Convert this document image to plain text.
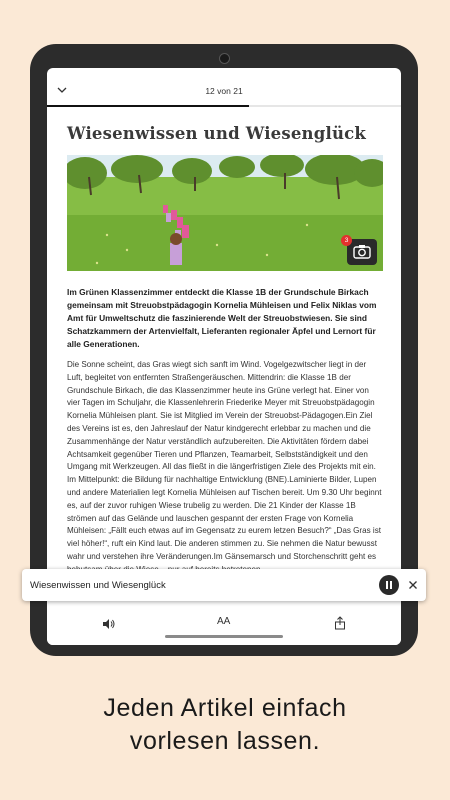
12 von 21
Wiesenwissen und Wiesenglück
3

Im Grünen Klassenzimmer entdeckt die Klasse 1B der Grundschule Birkach gemeinsam mit Streuobstpädagogin Kornelia Mühleisen und Felix Niklas vom Amt für Umweltschutz die faszinierende Welt der Streuobstwiesen. Sie sind Schatzkammern der Artenvielfalt, Lieferanten regionaler Äpfel und Lernort für alle Generationen.

Die Sonne scheint, das Gras wiegt sich sanft im Wind. Vogelgezwitscher liegt in der Luft, begleitet von entfernten Straßengeräuschen. Mittendrin: die Klasse 1B der Grundschule Birkach, die das Klassenzimmer heute ins Grüne verlegt hat. Einer von vier Tagen im Schuljahr, die Klassenlehrerin Friederike Meyer mit Streuobstpädagogin Kornelia Mühleisen plant. Sie ist Mitglied im Verein der Streuobst-Pädagogen.Ein Ziel des Vereins ist es, den Jahreslauf der Natur kindgerecht erlebbar zu machen und die Zusammenhänge der Natur verständlich aufzubereiten. Die Aktivitäten fördern dabei Achtsamkeit gegenüber Tieren und Pflanzen, Teamarbeit, Selbstständigkeit und den Umgang mit Werkzeugen. All das fließt in die längerfristigen Ziele des Projekts mit ein. Im Mittelpunkt: die Bildung für nachhaltige Entwicklung (BNE).Laminierte Bilder, Lupen und andere Materialien legt Kornelia Mühleisen auf Tischen bereit. Um 9.30 Uhr beginnt es, auf der zuvor ruhigen Wiese trubelig zu werden. Die 21 Kinder der Klasse 1B strömen auf das Gelände und lauschen gespannt der ersten Frage von Kornelia Mühleisen: „Fällt euch etwas auf im Gegensatz zu eurem letzen Besuch?“ „Das Gras ist viel höher!“, ruft ein Kind laut. Die anderen stimmen zu. Sie nehmen die Natur bewusst wahr und verstehen ihre Veränderungen.Im Gänsemarsch und Storchenschritt geht es

AA
Wiesenwissen und Wiesenglück
Jeden Artikel einfach
vorlesen lassen.
